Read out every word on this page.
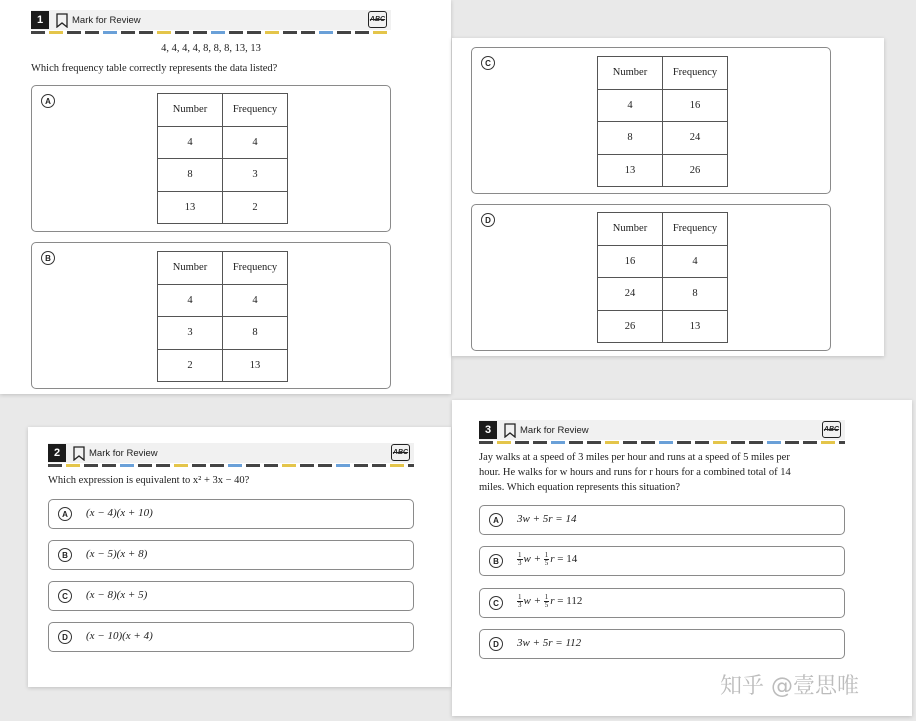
1	Mark for Review	ABC
4, 4, 4, 4, 8, 8, 8, 13, 13
Which frequency table correctly represents the data listed?
A
Number	Frequency
4	4
8	3
13	2
B
Number	Frequency
4	4
3	8
2	13
C
Number	Frequency
4	16
8	24
13	26
D
Number	Frequency
16	4
24	8
26	13
2	Mark for Review	ABC
Which expression is equivalent to x² + 3x − 40?
A	(x − 4)(x + 10)
B	(x − 5)(x + 8)
C	(x − 8)(x + 5)
D	(x − 10)(x + 4)
3	Mark for Review	ABC
Jay walks at a speed of 3 miles per hour and runs at a speed of 5 miles per
hour. He walks for w hours and runs for r hours for a combined total of 14
miles. Which equation represents this situation?
A	3w + 5r = 14
B	$\frac{1}{3}$ $w + \frac{1}{5}$ r = 14
C	$\frac{1}{3}$ $w + \frac{1}{5}$ r = 112
D	3w + 5r = 112
知乎 @壹思唯
